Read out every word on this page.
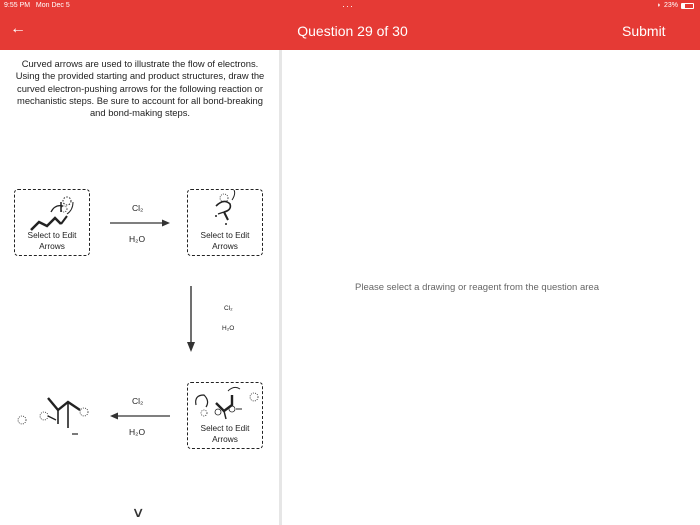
9:55 PM Mon Dec 5	···	◗ 23%
←	Question 29 of 30	Submit

Curved arrows are used to illustrate the flow of electrons. Using the provided starting and product structures, draw the curved electron-pushing arrows for the following reaction or mechanistic steps. Be sure to account for all bond-breaking and bond-making steps.

Select to Edit
Arrows
Cl₂
H₂O	Select to Edit
Arrows
Cl₂
H₂O
Select to Edit
Arrows
Cl₂
H₂O
∨
Please select a drawing or reagent from the question area
